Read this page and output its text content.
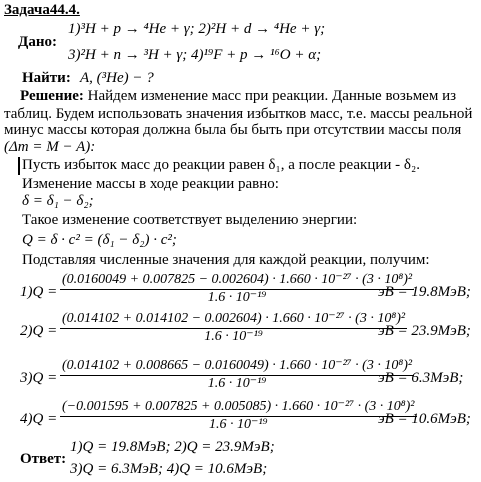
Задача44.4.
Дано:
1)³H + p → ⁴He + γ; 2)²H + d → ⁴He + γ;
3)²H + n → ³H + γ; 4)¹⁹F + p → ¹⁶O + α;
Найти: A, (³He) − ?
Решение: Найдем изменение масс при реакции. Данные возьмем из
таблиц. Будем использовать значения избытков масс, т.е. массы реальной
минус массы которая должна была бы быть при отсутствии массы поля
(Δm = M − A):
Пусть избыток масс до реакции равен δ₁, а после реакции - δ₂.
Изменение массы в ходе реакции равно:
δ = δ₁ − δ₂;
Такое изменение соответствует выделению энергии:
Q = δ · c² = (δ₁ − δ₂) · c²;
Подставляя численные значения для каждой реакции, получим:
1)Q =
(0.0160049 + 0.007825 − 0.002604) · 1.660 · 10⁻²⁷ · (3 · 10⁸)²
1.6 · 10⁻¹⁹	эВ = 19.8МэВ;
2)Q =
(0.014102 + 0.014102 − 0.002604) · 1.660 · 10⁻²⁷ · (3 · 10⁸)²
1.6 · 10⁻¹⁹	эВ = 23.9МэВ;
3)Q =
(0.014102 + 0.008665 − 0.0160049) · 1.660 · 10⁻²⁷ · (3 · 10⁸)²
1.6 · 10⁻¹⁹	эВ = 6.3МэВ;
4)Q =
(−0.001595 + 0.007825 + 0.005085) · 1.660 · 10⁻²⁷ · (3 · 10⁸)²
1.6 · 10⁻¹⁹	эВ = 10.6МэВ;
Ответ:
1)Q = 19.8МэВ; 2)Q = 23.9МэВ;
3)Q = 6.3МэВ; 4)Q = 10.6МэВ;
